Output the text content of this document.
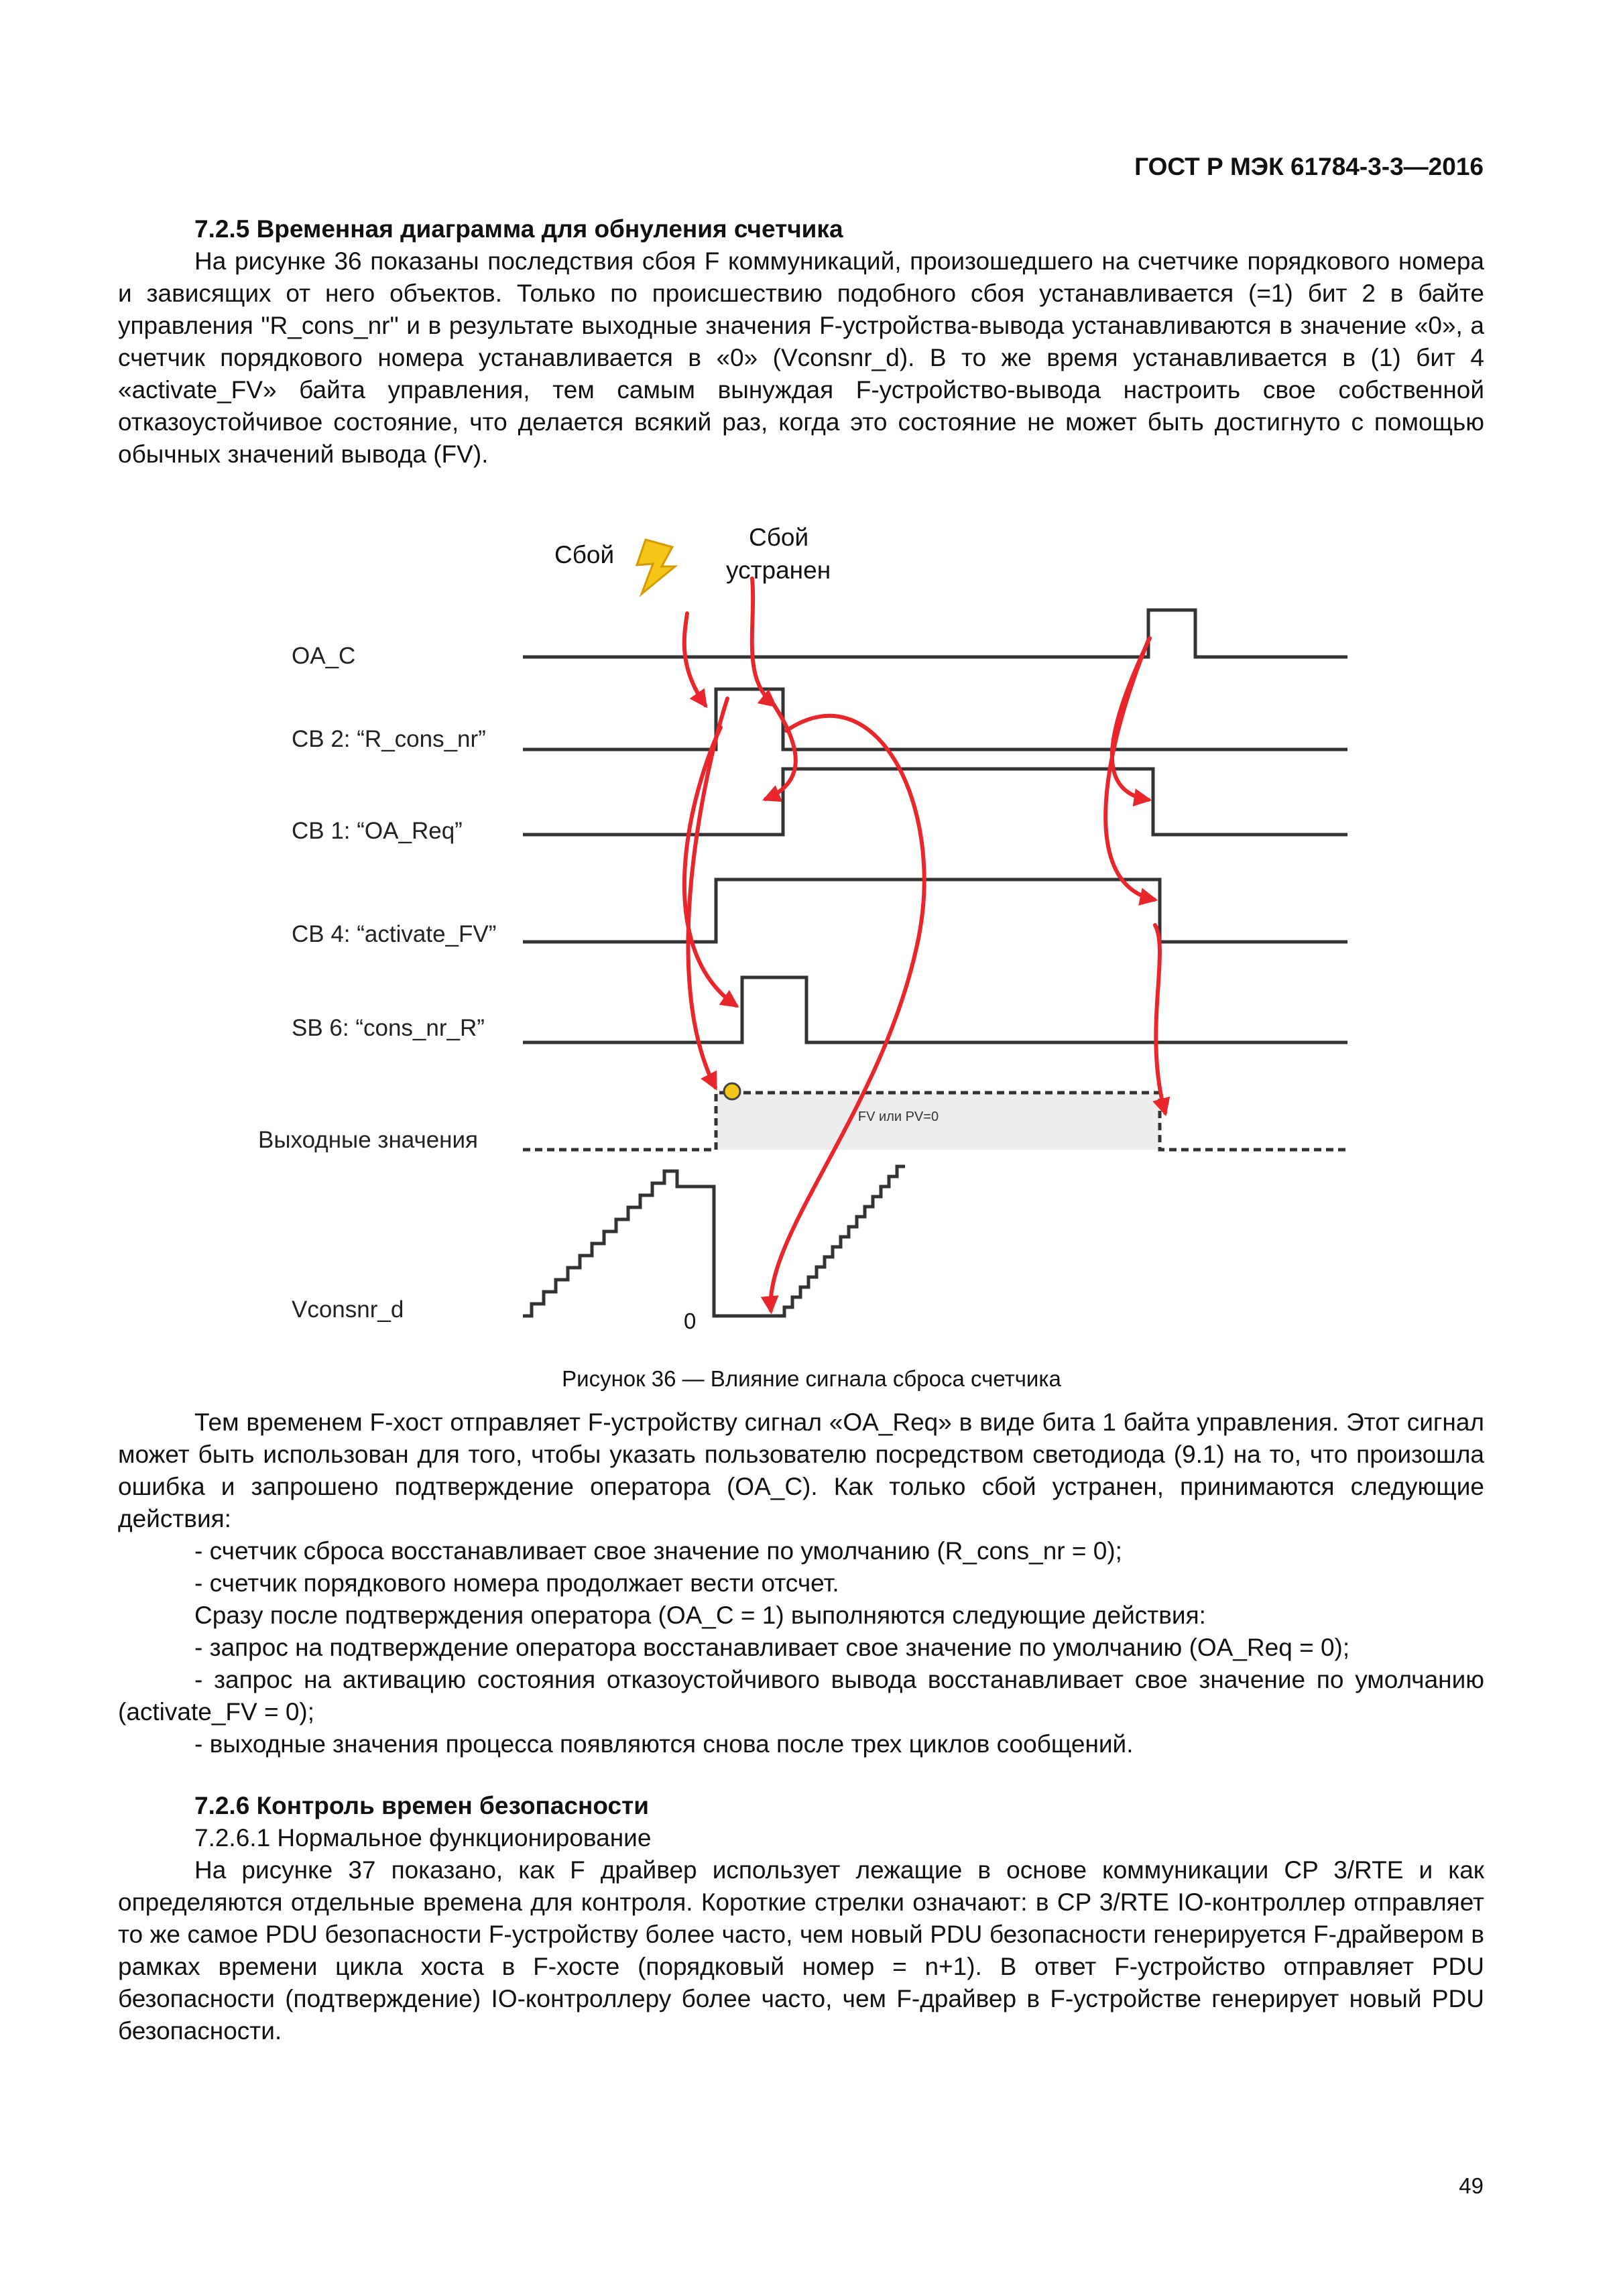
ГОСТ Р МЭК 61784-3-3—2016

7.2.5 Временная диаграмма для обнуления счетчика

На рисунке 36 показаны последствия сбоя F коммуникаций, произошедшего на счетчике порядкового номера и зависящих от него объектов. Только по происшествию подобного сбоя устанавливается (=1) бит 2 в байте управления "R_cons_nr" и в результате выходные значения F-устройства-вывода устанавливаются в значение «0», а счетчик порядкового номера устанавливается в «0» (Vconsnr_d). В то же время устанавливается в (1) бит 4 «activate_FV» байта управления, тем самым вынуждая F-устройство-вывода настроить свое собственной отказоустойчивое состояние, что делается всякий раз, когда это состояние не может быть достигнуто с помощью обычных значений вывода (FV).

Сбой
Сбой
устранен
OA_C
CB 2: “R_cons_nr”
CB 1: “OA_Req”
CB 4: “activate_FV”
SB 6: “cons_nr_R”
Выходные значения
Vconsnr_d
FV или PV=0
0
Рисунок 36 — Влияние сигнала сброса счетчика

Тем временем F-хост отправляет F-устройству сигнал «OA_Req» в виде бита 1 байта управления. Этот сигнал может быть использован для того, чтобы указать пользователю посредством светодиода (9.1) на то, что произошла ошибка и запрошено подтверждение оператора (OA_C). Как только сбой устранен, принимаются следующие действия:

- счетчик сброса восстанавливает свое значение по умолчанию (R_cons_nr = 0);

- счетчик порядкового номера продолжает вести отсчет.

Сразу после подтверждения оператора (OA_C = 1) выполняются следующие действия:

- запрос на подтверждение оператора восстанавливает свое значение по умолчанию (OA_Req = 0);

- запрос на активацию состояния отказоустойчивого вывода восстанавливает свое значение по умолчанию (activate_FV = 0);

- выходные значения процесса появляются снова после трех циклов сообщений.

7.2.6 Контроль времен безопасности

7.2.6.1 Нормальное функционирование

На рисунке 37 показано, как F драйвер использует лежащие в основе коммуникации CP 3/RTE и как определяются отдельные времена для контроля. Короткие стрелки означают: в CP 3/RTE IO-контроллер отправляет то же самое PDU безопасности F-устройству более часто, чем новый PDU безопасности генерируется F-драйвером в рамках времени цикла хоста в F-хосте (порядковый номер = n+1). В ответ F-устройство отправляет PDU безопасности (подтверждение) IO-контроллеру более часто, чем F-драйвер в F-устройстве генерирует новый PDU безопасности.

49
